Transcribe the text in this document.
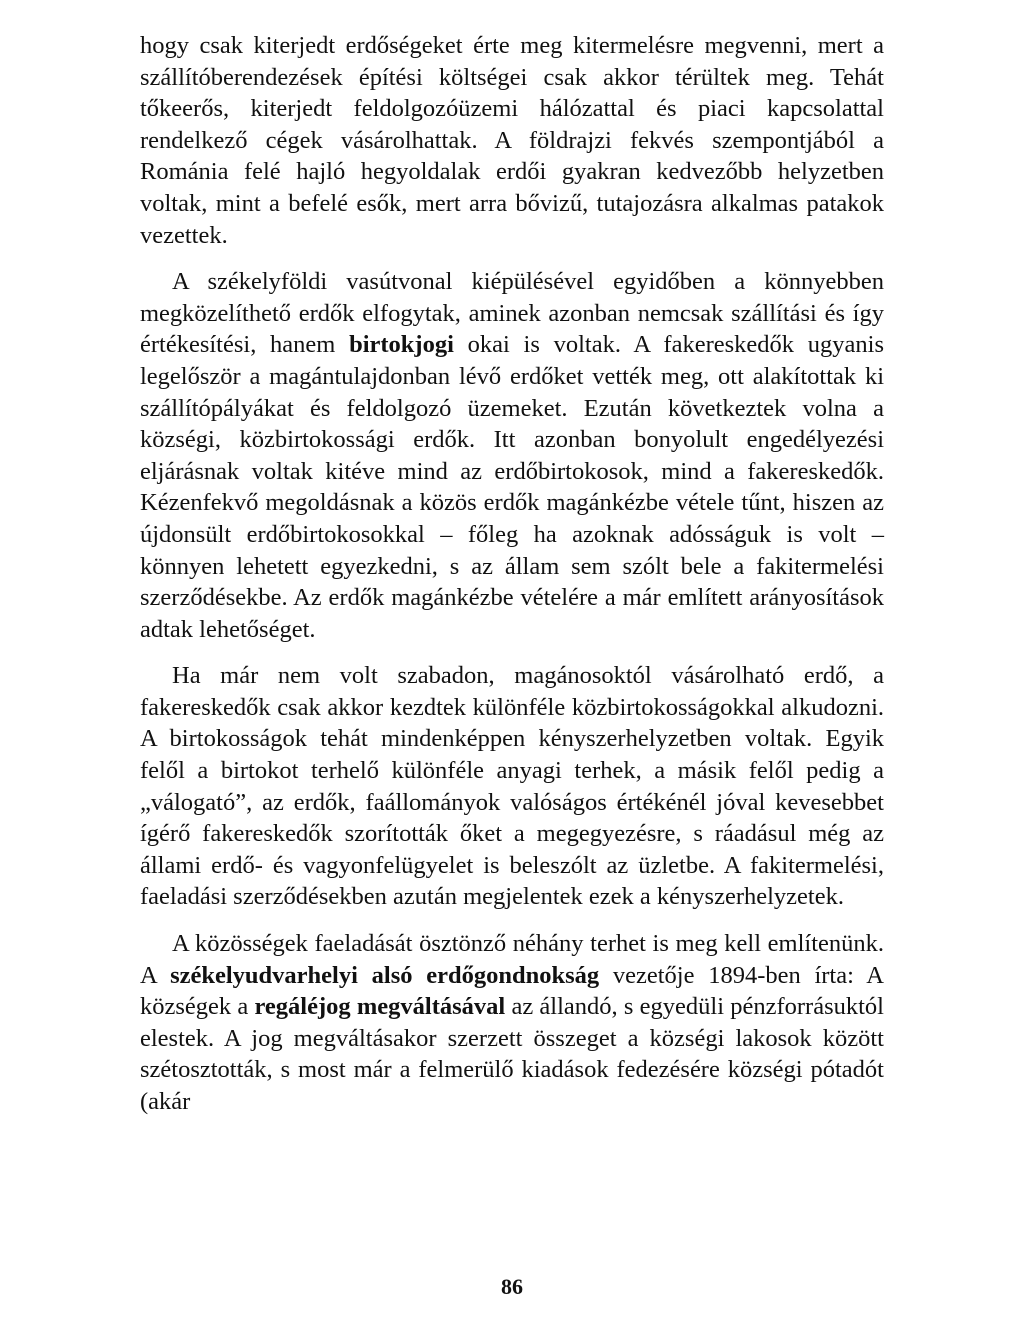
hogy csak kiterjedt erdőségeket érte meg kitermelésre megvenni, mert a szállítóberendezések építési költségei csak akkor térültek meg. Tehát tőkeerős, kiterjedt feldolgozóüzemi hálózattal és piaci kapcsolattal rendelkező cégek vásárolhattak. A földrajzi fekvés szempontjából a Románia felé hajló hegyoldalak erdői gyakran kedvezőbb helyzetben voltak, mint a befelé esők, mert arra bővizű, tutajozásra alkalmas patakok vezettek.

A székelyföldi vasútvonal kiépülésével egyidőben a könnyebben megközelíthető erdők elfogytak, aminek azonban nemcsak szállítási és így értékesítési, hanem birtokjogi okai is voltak. A fakereskedők ugyanis legelőször a magántulajdonban lévő erdőket vették meg, ott alakítottak ki szállítópályákat és feldolgozó üzemeket. Ezután következtek volna a községi, közbirtokossági erdők. Itt azonban bonyolult engedélyezési eljárásnak voltak kitéve mind az erdőbirtokosok, mind a fakereskedők. Kézenfekvő megoldásnak a közös erdők magánkézbe vétele tűnt, hiszen az újdonsült erdőbirtokosokkal – főleg ha azoknak adósságuk is volt – könnyen lehetett egyezkedni, s az állam sem szólt bele a fakitermelési szerződésekbe. Az erdők magánkézbe vételére a már említett arányosítások adtak lehetőséget.

Ha már nem volt szabadon, magánosoktól vásárolható erdő, a fakereskedők csak akkor kezdtek különféle közbirtokosságokkal alkudozni. A birtokosságok tehát mindenképpen kényszerhelyzetben voltak. Egyik felől a birtokot terhelő különféle anyagi terhek, a másik felől pedig a „válogató”, az erdők, faállományok valóságos értékénél jóval kevesebbet ígérő fakereskedők szorították őket a megegyezésre, s ráadásul még az állami erdő- és vagyonfelügyelet is beleszólt az üzletbe. A fakitermelési, faeladási szerződésekben azután megjelentek ezek a kényszerhelyzetek.

A közösségek faeladását ösztönző néhány terhet is meg kell említenünk. A székelyudvarhelyi alsó erdőgondnokság vezetője 1894-ben írta: A községek a regáléjog megváltásával az állandó, s egyedüli pénzforrásuktól elestek. A jog megváltásakor szerzett összeget a községi lakosok között szétosztották, s most már a felmerülő kiadások fedezésére községi pótadót (akár

86
